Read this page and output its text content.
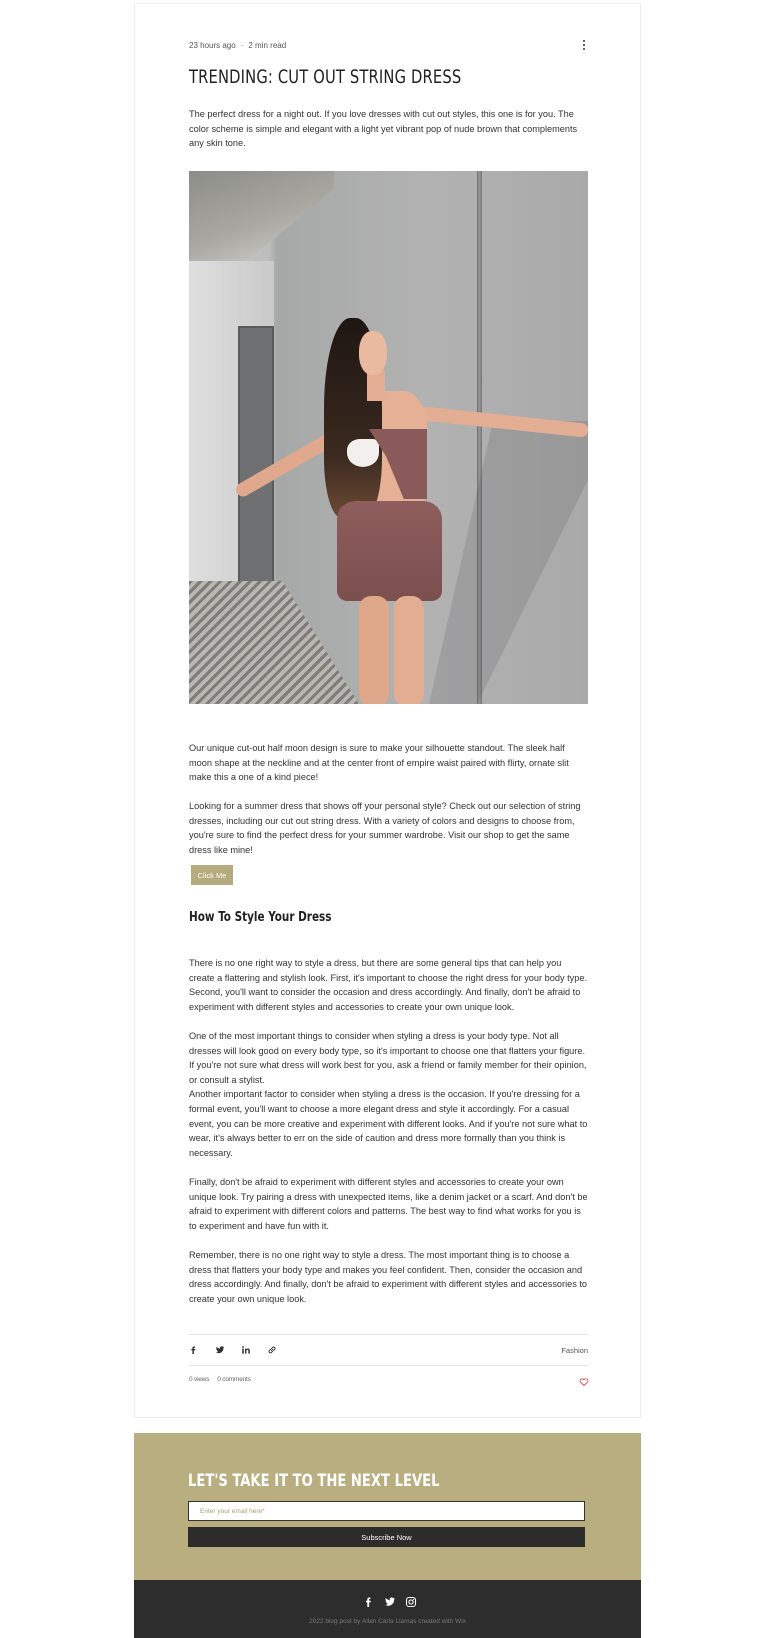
23 hours ago · 2 min read
TRENDING: CUT OUT STRING DRESS

The perfect dress for a night out. If you love dresses with cut out styles, this one is for you. The color scheme is simple and elegant with a light yet vibrant pop of nude brown that complements any skin tone.

Our unique cut-out half moon design is sure to make your silhouette standout. The sleek half moon shape at the neckline and at the center front of empire waist paired with flirty, ornate slit make this a one of a kind piece!

Looking for a summer dress that shows off your personal style? Check out our selection of string dresses, including our cut out string dress. With a variety of colors and designs to choose from, you're sure to find the perfect dress for your summer wardrobe. Visit our shop to get the same dress like mine!

Click Me
How To Style Your Dress

There is no one right way to style a dress, but there are some general tips that can help you create a flattering and stylish look. First, it's important to choose the right dress for your body type. Second, you'll want to consider the occasion and dress accordingly. And finally, don't be afraid to experiment with different styles and accessories to create your own unique look.

One of the most important things to consider when styling a dress is your body type. Not all dresses will look good on every body type, so it's important to choose one that flatters your figure. If you're not sure what dress will work best for you, ask a friend or family member for their opinion, or consult a stylist.

Another important factor to consider when styling a dress is the occasion. If you're dressing for a formal event, you'll want to choose a more elegant dress and style it accordingly. For a casual event, you can be more creative and experiment with different looks. And if you're not sure what to wear, it's always better to err on the side of caution and dress more formally than you think is necessary.

Finally, don't be afraid to experiment with different styles and accessories to create your own unique look. Try pairing a dress with unexpected items, like a denim jacket or a scarf. And don't be afraid to experiment with different colors and patterns. The best way to find what works for you is to experiment and have fun with it.

Remember, there is no one right way to style a dress. The most important thing is to choose a dress that flatters your body type and makes you feel confident. Then, consider the occasion and dress accordingly. And finally, don't be afraid to experiment with different styles and accessories to create your own unique look.

Fashion
0 views 0 comments
LET'S TAKE IT TO THE NEXT LEVEL
Enter your email here*
Subscribe Now
2022 blog post by Allan Carla Llamas created with Wix
